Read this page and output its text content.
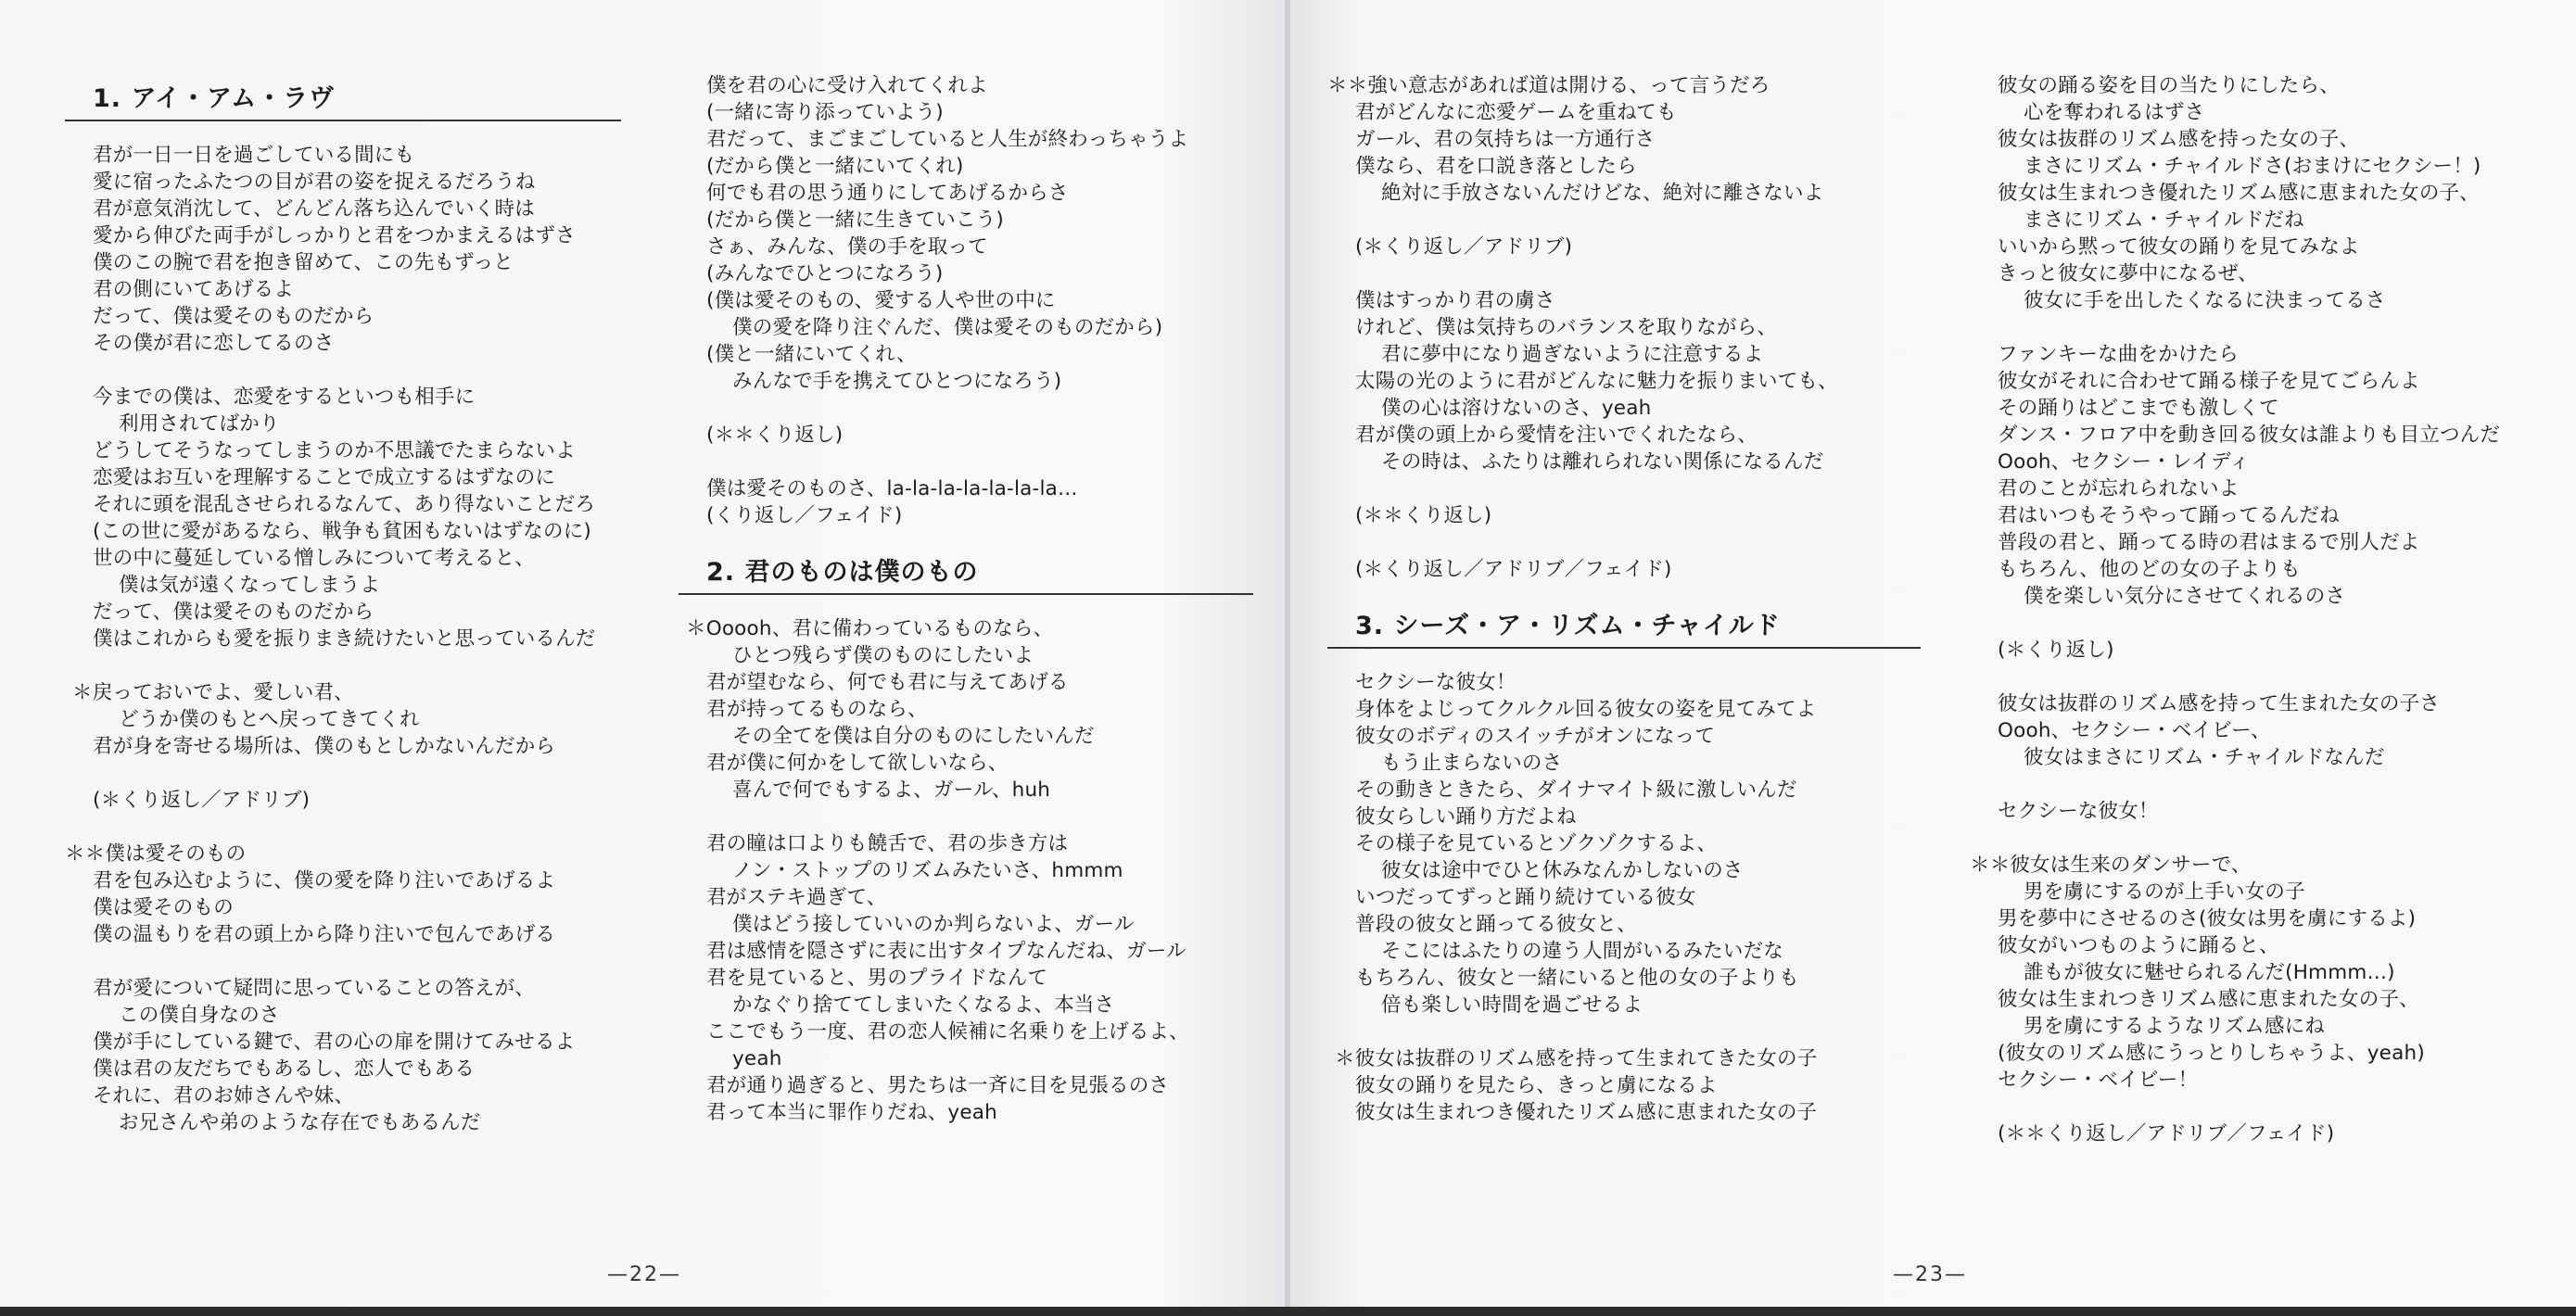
1. アイ・アム・ラヴ
君が一日一日を過ごしている間にも
愛に宿ったふたつの目が君の姿を捉えるだろうね
君が意気消沈して、どんどん落ち込んでいく時は
愛から伸びた両手がしっかりと君をつかまえるはずさ
僕のこの腕で君を抱き留めて、この先もずっと
君の側にいてあげるよ
だって、僕は愛そのものだから
その僕が君に恋してるのさ
今までの僕は、恋愛をするといつも相手に
利用されてばかり
どうしてそうなってしまうのか不思議でたまらないよ
恋愛はお互いを理解することで成立するはずなのに
それに頭を混乱させられるなんて、あり得ないことだろ
(この世に愛があるなら、戦争も貧困もないはずなのに)
世の中に蔓延している憎しみについて考えると、
僕は気が遠くなってしまうよ
だって、僕は愛そのものだから
僕はこれからも愛を振りまき続けたいと思っているんだ
＊戻っておいでよ、愛しい君、
どうか僕のもとへ戻ってきてくれ
君が身を寄せる場所は、僕のもとしかないんだから
(＊くり返し／アドリブ)
＊＊僕は愛そのもの
君を包み込むように、僕の愛を降り注いであげるよ
僕は愛そのもの
僕の温もりを君の頭上から降り注いで包んであげる
君が愛について疑問に思っていることの答えが、
この僕自身なのさ
僕が手にしている鍵で、君の心の扉を開けてみせるよ
僕は君の友だちでもあるし、恋人でもある
それに、君のお姉さんや妹、
お兄さんや弟のような存在でもあるんだ
僕を君の心に受け入れてくれよ
(一緒に寄り添っていよう)
君だって、まごまごしていると人生が終わっちゃうよ
(だから僕と一緒にいてくれ)
何でも君の思う通りにしてあげるからさ
(だから僕と一緒に生きていこう)
さぁ、みんな、僕の手を取って
(みんなでひとつになろう)
(僕は愛そのもの、愛する人や世の中に
僕の愛を降り注ぐんだ、僕は愛そのものだから)
(僕と一緒にいてくれ、
みんなで手を携えてひとつになろう)
(＊＊くり返し)
僕は愛そのものさ、la-la-la-la-la-la-la…
(くり返し／フェイド)
2. 君のものは僕のもの
＊Ooooh、君に備わっているものなら、
ひとつ残らず僕のものにしたいよ
君が望むなら、何でも君に与えてあげる
君が持ってるものなら、
その全てを僕は自分のものにしたいんだ
君が僕に何かをして欲しいなら、
喜んで何でもするよ、ガール、huh
君の瞳は口よりも饒舌で、君の歩き方は
ノン・ストップのリズムみたいさ、hmmm
君がステキ過ぎて、
僕はどう接していいのか判らないよ、ガール
君は感情を隠さずに表に出すタイプなんだね、ガール
君を見ていると、男のプライドなんて
かなぐり捨ててしまいたくなるよ、本当さ
ここでもう一度、君の恋人候補に名乗りを上げるよ、
yeah
君が通り過ぎると、男たちは一斉に目を見張るのさ
君って本当に罪作りだね、yeah
—22—
＊＊強い意志があれば道は開ける、って言うだろ
君がどんなに恋愛ゲームを重ねても
ガール、君の気持ちは一方通行さ
僕なら、君を口説き落としたら
絶対に手放さないんだけどな、絶対に離さないよ
(＊くり返し／アドリブ)
僕はすっかり君の虜さ
けれど、僕は気持ちのバランスを取りながら、
君に夢中になり過ぎないように注意するよ
太陽の光のように君がどんなに魅力を振りまいても、
僕の心は溶けないのさ、yeah
君が僕の頭上から愛情を注いでくれたなら、
その時は、ふたりは離れられない関係になるんだ
(＊＊くり返し)
(＊くり返し／アドリブ／フェイド)
3. シーズ・ア・リズム・チャイルド
セクシーな彼女！
身体をよじってクルクル回る彼女の姿を見てみてよ
彼女のボディのスイッチがオンになって
もう止まらないのさ
その動きときたら、ダイナマイト級に激しいんだ
彼女らしい踊り方だよね
その様子を見ているとゾクゾクするよ、
彼女は途中でひと休みなんかしないのさ
いつだってずっと踊り続けている彼女
普段の彼女と踊ってる彼女と、
そこにはふたりの違う人間がいるみたいだな
もちろん、彼女と一緒にいると他の女の子よりも
倍も楽しい時間を過ごせるよ
＊彼女は抜群のリズム感を持って生まれてきた女の子
彼女の踊りを見たら、きっと虜になるよ
彼女は生まれつき優れたリズム感に恵まれた女の子
彼女の踊る姿を目の当たりにしたら、
心を奪われるはずさ
彼女は抜群のリズム感を持った女の子、
まさにリズム・チャイルドさ(おまけにセクシー！)
彼女は生まれつき優れたリズム感に恵まれた女の子、
まさにリズム・チャイルドだね
いいから黙って彼女の踊りを見てみなよ
きっと彼女に夢中になるぜ、
彼女に手を出したくなるに決まってるさ
ファンキーな曲をかけたら
彼女がそれに合わせて踊る様子を見てごらんよ
その踊りはどこまでも激しくて
ダンス・フロア中を動き回る彼女は誰よりも目立つんだ
Oooh、セクシー・レイディ
君のことが忘れられないよ
君はいつもそうやって踊ってるんだね
普段の君と、踊ってる時の君はまるで別人だよ
もちろん、他のどの女の子よりも
僕を楽しい気分にさせてくれるのさ
(＊くり返し)
彼女は抜群のリズム感を持って生まれた女の子さ
Oooh、セクシー・ベイビー、
彼女はまさにリズム・チャイルドなんだ
セクシーな彼女！
＊＊彼女は生来のダンサーで、
男を虜にするのが上手い女の子
男を夢中にさせるのさ(彼女は男を虜にするよ)
彼女がいつものように踊ると、
誰もが彼女に魅せられるんだ(Hmmm…)
彼女は生まれつきリズム感に恵まれた女の子、
男を虜にするようなリズム感にね
(彼女のリズム感にうっとりしちゃうよ、yeah)
セクシー・ベイビー！
(＊＊くり返し／アドリブ／フェイド)
—23—
